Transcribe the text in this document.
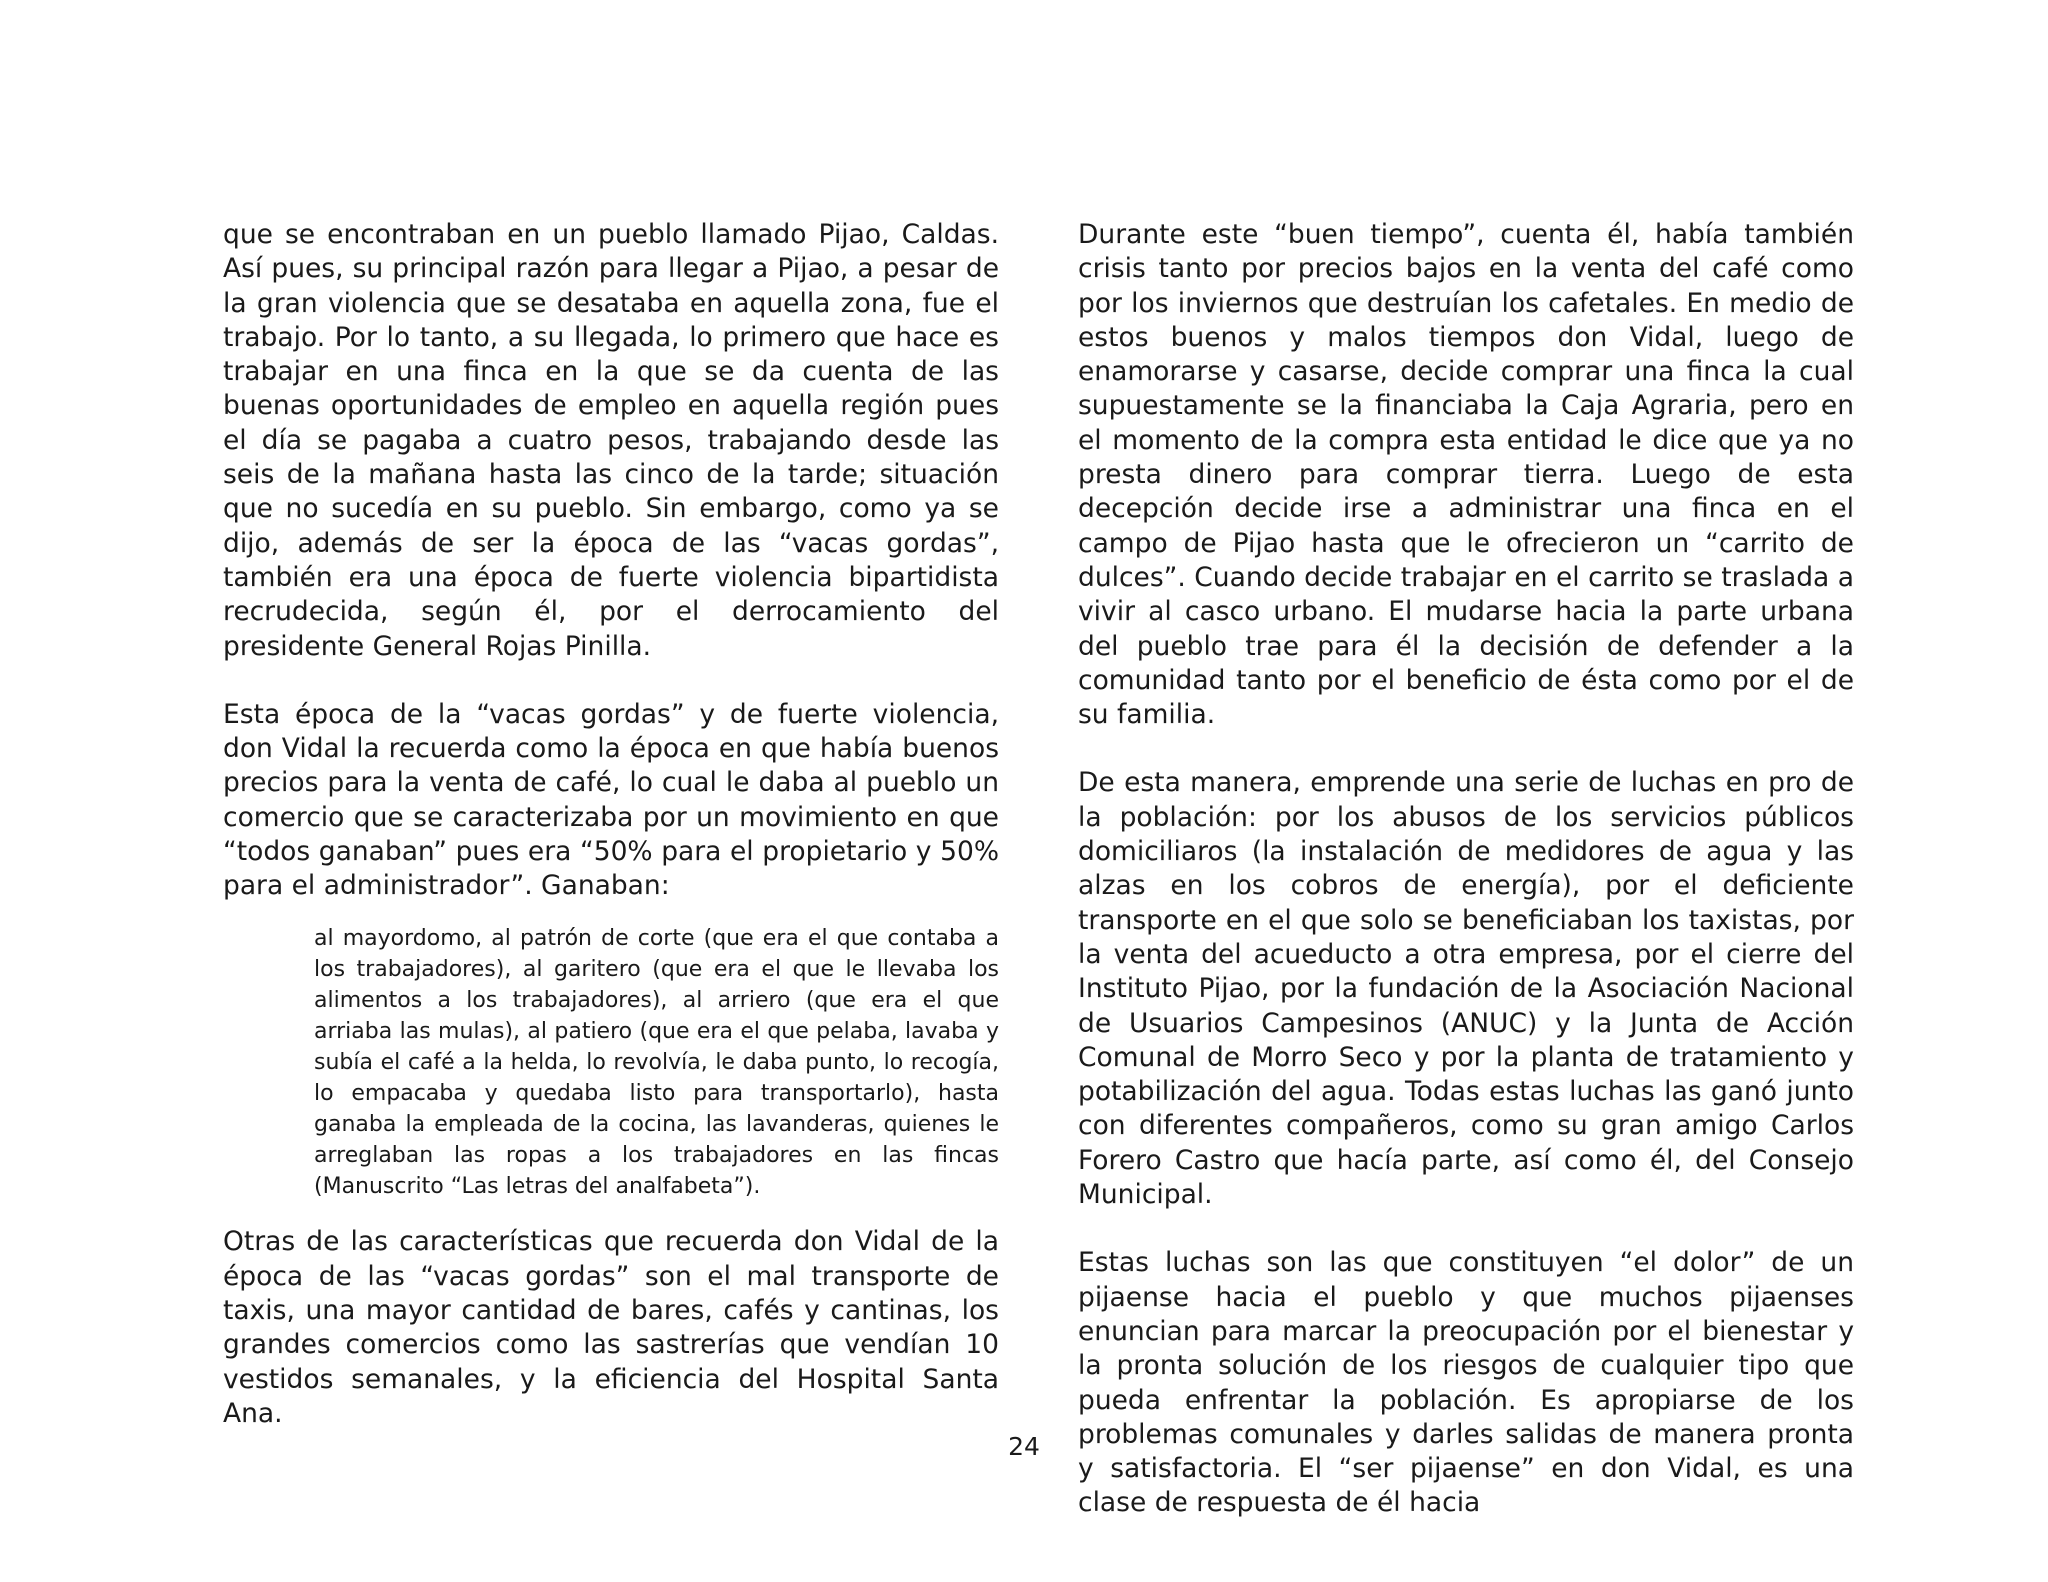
que se encontraban en un pueblo llamado Pijao, Caldas. Así pues, su principal razón para llegar a Pijao, a pesar de la gran violencia que se desataba en aquella zona, fue el trabajo. Por lo tanto, a su llegada, lo primero que hace es trabajar en una finca en la que se da cuenta de las buenas oportunidades de empleo en aquella región pues el día se pagaba a cuatro pesos, trabajando desde las seis de la mañana hasta las cinco de la tarde; situación que no sucedía en su pueblo. Sin embargo, como ya se dijo, además de ser la época de las “vacas gordas”, también era una época de fuerte violencia bipartidista recrudecida, según él, por el derrocamiento del presidente General Rojas Pinilla.

Esta época de la “vacas gordas” y de fuerte violencia, don Vidal la recuerda como la época en que había buenos precios para la venta de café, lo cual le daba al pueblo un comercio que se caracterizaba por un movimiento en que “todos ganaban” pues era “50% para el propietario y 50% para el administrador”. Ganaban:

al mayordomo, al patrón de corte (que era el que contaba a los trabajadores), al garitero (que era el que le llevaba los alimentos a los trabajadores), al arriero (que era el que arriaba las mulas), al patiero (que era el que pelaba, lavaba y subía el café a la helda, lo revolvía, le daba punto, lo recogía, lo empacaba y quedaba listo para transportarlo), hasta ganaba la empleada de la cocina, las lavanderas, quienes le arreglaban las ropas a los trabajadores en las fincas (Manuscrito “Las letras del analfabeta”).

Otras de las características que recuerda don Vidal de la época de las “vacas gordas” son el mal transporte de taxis, una mayor cantidad de bares, cafés y cantinas, los grandes comercios como las sastrerías que vendían 10 vestidos semanales, y la eficiencia del Hospital Santa Ana.

Durante este “buen tiempo”, cuenta él, había también crisis tanto por precios bajos en la venta del café como por los inviernos que destruían los cafetales. En medio de estos buenos y malos tiempos don Vidal, luego de enamorarse y casarse, decide comprar una finca la cual supuestamente se la financiaba la Caja Agraria, pero en el momento de la compra esta entidad le dice que ya no presta dinero para comprar tierra. Luego de esta decepción decide irse a administrar una finca en el campo de Pijao hasta que le ofrecieron un “carrito de dulces”. Cuando decide trabajar en el carrito se traslada a vivir al casco urbano. El mudarse hacia la parte urbana del pueblo trae para él la decisión de defender a la comunidad tanto por el beneficio de ésta como por el de su familia.

De esta manera, emprende una serie de luchas en pro de la población: por los abusos de los servicios públicos domiciliaros (la instalación de medidores de agua y las alzas en los cobros de energía), por el deficiente transporte en el que solo se beneficiaban los taxistas, por la venta del acueducto a otra empresa, por el cierre del Instituto Pijao, por la fundación de la Asociación Nacional de Usuarios Campesinos (ANUC) y la Junta de Acción Comunal de Morro Seco y por la planta de tratamiento y potabilización del agua. Todas estas luchas las ganó junto con diferentes compañeros, como su gran amigo Carlos Forero Castro que hacía parte, así como él, del Consejo Municipal.

Estas luchas son las que constituyen “el dolor” de un pijaense hacia el pueblo y que muchos pijaenses enuncian para marcar la preocupación por el bienestar y la pronta solución de los riesgos de cualquier tipo que pueda enfrentar la población. Es apropiarse de los problemas comunales y darles salidas de manera pronta y satisfactoria. El “ser pijaense” en don Vidal, es una clase de respuesta de él hacia

24
